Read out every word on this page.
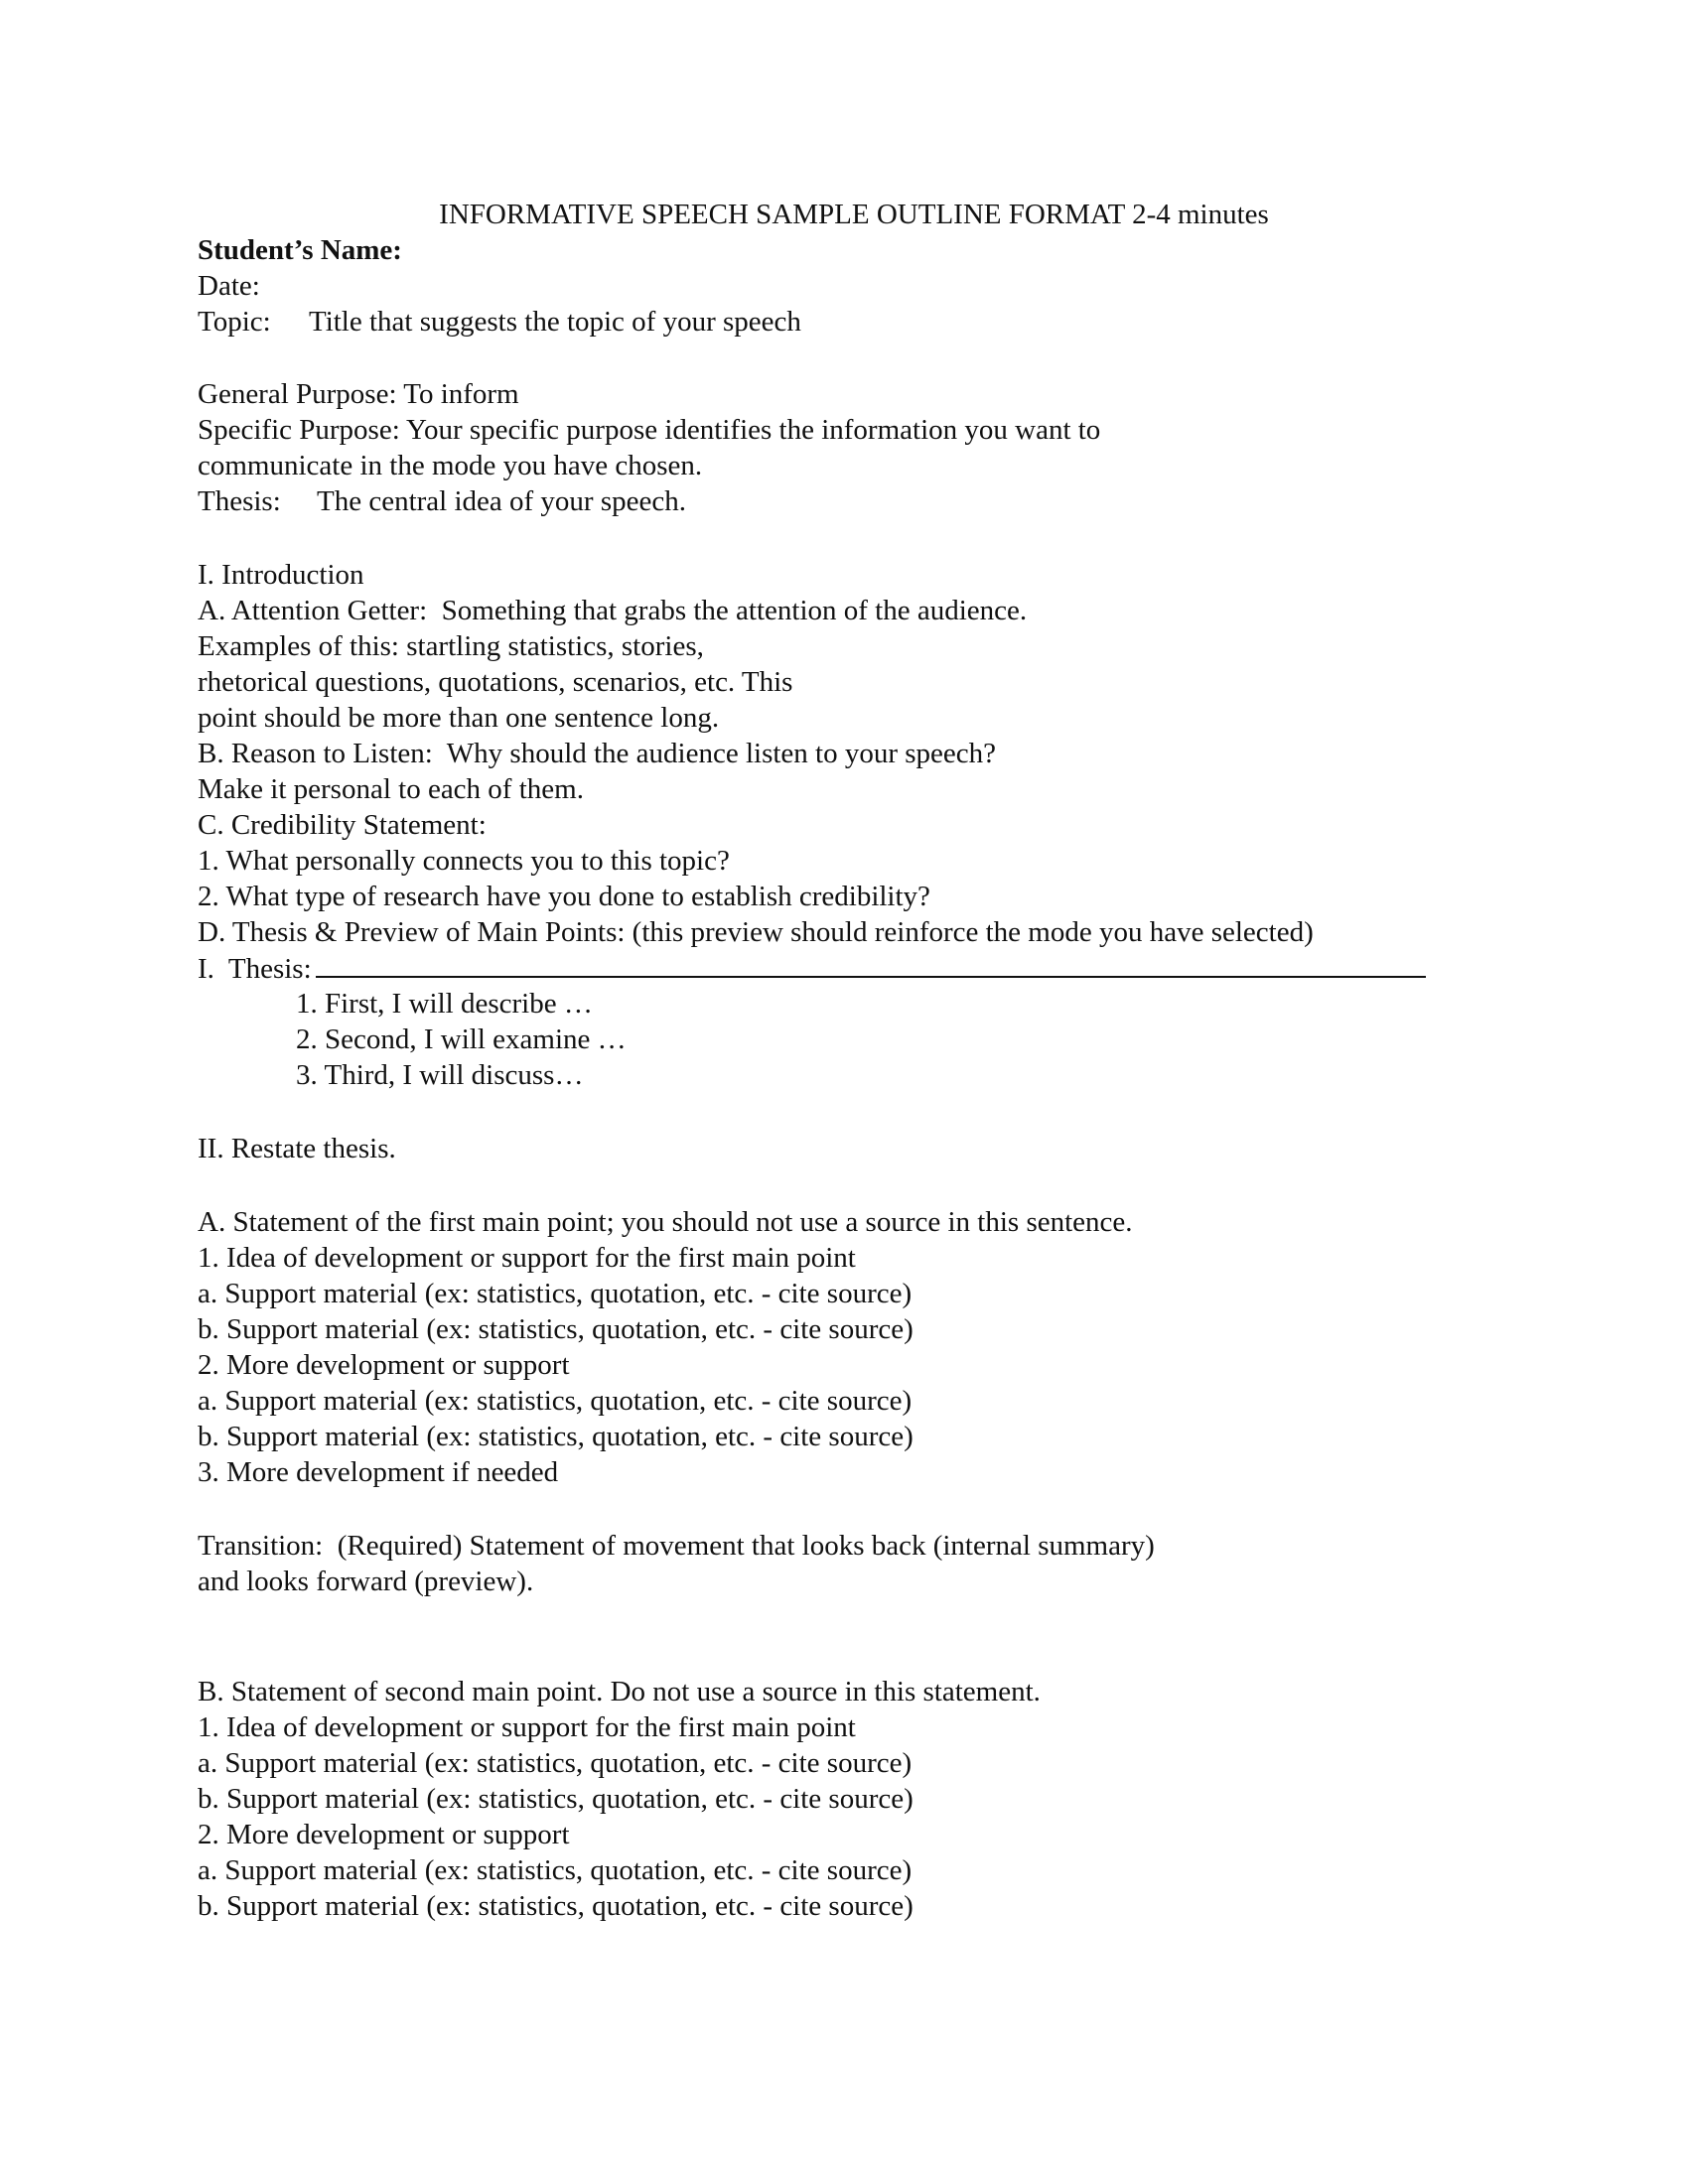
INFORMATIVE SPEECH SAMPLE OUTLINE FORMAT 2-4 minutes
Student’s Name:
Date:
Topic: Title that suggests the topic of your speech
General Purpose: To inform
Specific Purpose: Your specific purpose identifies the information you want to
communicate in the mode you have chosen.
Thesis: The central idea of your speech.
I. Introduction
A. Attention Getter:  Something that grabs the attention of the audience.
Examples of this: startling statistics, stories,
rhetorical questions, quotations, scenarios, etc. This
point should be more than one sentence long.
B. Reason to Listen:  Why should the audience listen to your speech?
Make it personal to each of them.
C. Credibility Statement:
1. What personally connects you to this topic?
2. What type of research have you done to establish credibility?
D. Thesis & Preview of Main Points: (this preview should reinforce the mode you have selected)
I.  Thesis:
1. First, I will describe …
2. Second, I will examine …
3. Third, I will discuss…
II. Restate thesis.
A. Statement of the first main point; you should not use a source in this sentence.
1. Idea of development or support for the first main point
a. Support material (ex: statistics, quotation, etc. - cite source)
b. Support material (ex: statistics, quotation, etc. - cite source)
2. More development or support
a. Support material (ex: statistics, quotation, etc. - cite source)
b. Support material (ex: statistics, quotation, etc. - cite source)
3. More development if needed
Transition:  (Required) Statement of movement that looks back (internal summary)
and looks forward (preview).
B. Statement of second main point. Do not use a source in this statement.
1. Idea of development or support for the first main point
a. Support material (ex: statistics, quotation, etc. - cite source)
b. Support material (ex: statistics, quotation, etc. - cite source)
2. More development or support
a. Support material (ex: statistics, quotation, etc. - cite source)
b. Support material (ex: statistics, quotation, etc. - cite source)
